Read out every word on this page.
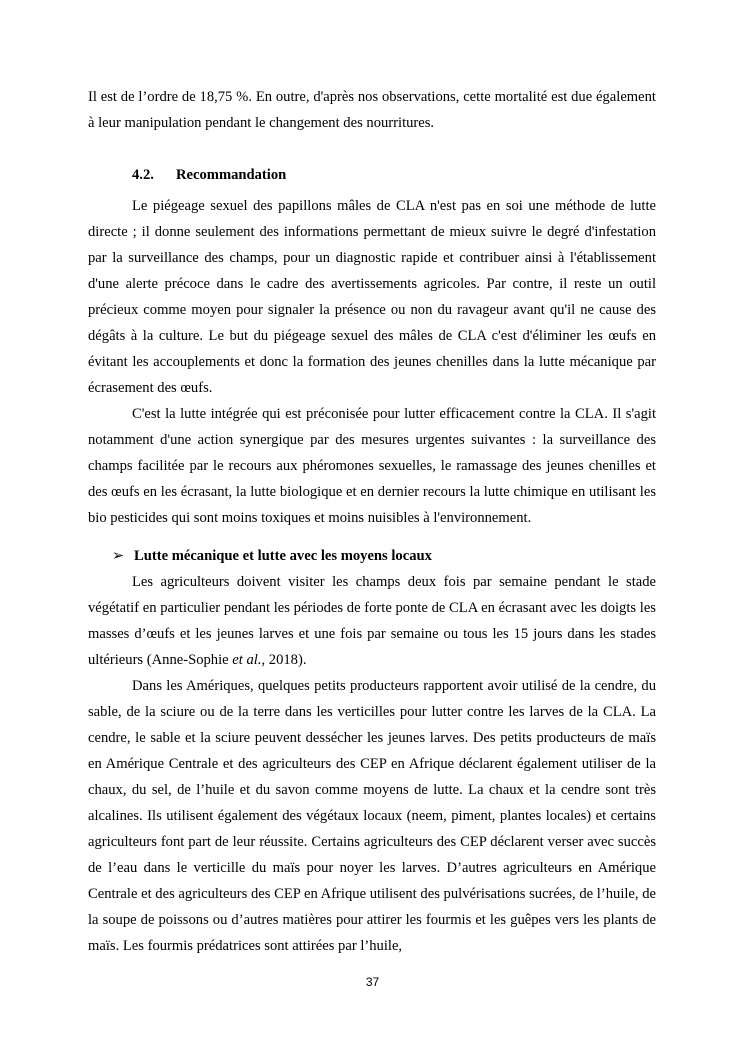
Il est de l’ordre de 18,75 %. En outre, d'après nos observations, cette mortalité est due également à leur manipulation pendant le changement des nourritures.

4.2. Recommandation

Le piégeage sexuel des papillons mâles de CLA n'est pas en soi une méthode de lutte directe ; il donne seulement des informations permettant de mieux suivre le degré d'infestation par la surveillance des champs, pour un diagnostic rapide et contribuer ainsi à l'établissement d'une alerte précoce dans le cadre des avertissements agricoles. Par contre, il reste un outil précieux comme moyen pour signaler la présence ou non du ravageur avant qu'il ne cause des dégâts à la culture. Le but du piégeage sexuel des mâles de CLA c'est d'éliminer les œufs en évitant les accouplements et donc la formation des jeunes chenilles dans la lutte mécanique par écrasement des œufs.

C'est la lutte intégrée qui est préconisée pour lutter efficacement contre la CLA. Il s'agit notamment d'une action synergique par des mesures urgentes suivantes : la surveillance des champs facilitée par le recours aux phéromones sexuelles, le ramassage des jeunes chenilles et des œufs en les écrasant, la lutte biologique et en dernier recours la lutte chimique en utilisant les bio pesticides qui sont moins toxiques et moins nuisibles à l'environnement.

➢ Lutte mécanique et lutte avec les moyens locaux

Les agriculteurs doivent visiter les champs deux fois par semaine pendant le stade végétatif en particulier pendant les périodes de forte ponte de CLA en écrasant avec les doigts les masses d’œufs et les jeunes larves et une fois par semaine ou tous les 15 jours dans les stades ultérieurs (Anne-Sophie et al., 2018).

Dans les Amériques, quelques petits producteurs rapportent avoir utilisé de la cendre, du sable, de la sciure ou de la terre dans les verticilles pour lutter contre les larves de la CLA. La cendre, le sable et la sciure peuvent dessécher les jeunes larves. Des petits producteurs de maïs en Amérique Centrale et des agriculteurs des CEP en Afrique déclarent également utiliser de la chaux, du sel, de l’huile et du savon comme moyens de lutte. La chaux et la cendre sont très alcalines. Ils utilisent également des végétaux locaux (neem, piment, plantes locales) et certains agriculteurs font part de leur réussite. Certains agriculteurs des CEP déclarent verser avec succès de l’eau dans le verticille du maïs pour noyer les larves. D’autres agriculteurs en Amérique Centrale et des agriculteurs des CEP en Afrique utilisent des pulvérisations sucrées, de l’huile, de la soupe de poissons ou d’autres matières pour attirer les fourmis et les guêpes vers les plants de maïs. Les fourmis prédatrices sont attirées par l’huile,

37
